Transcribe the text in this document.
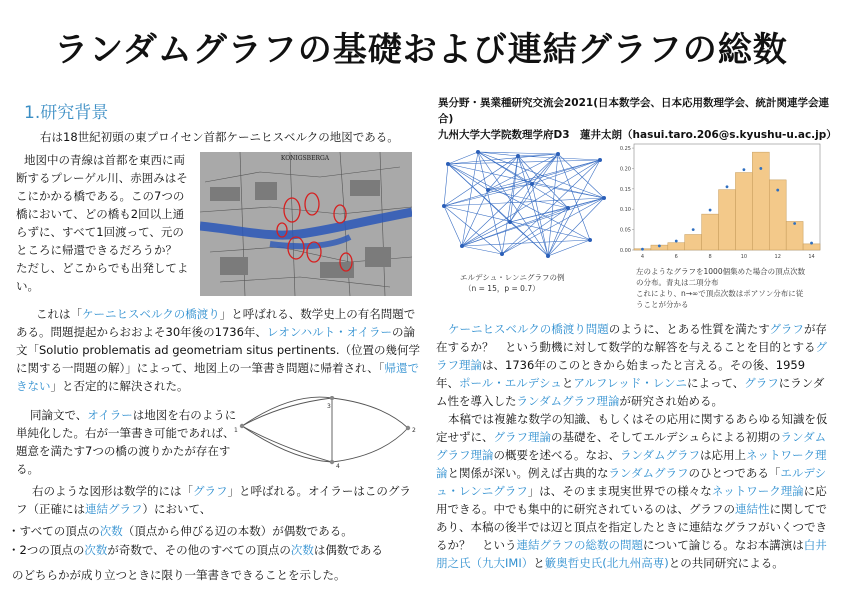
ランダムグラフの基礎および連結グラフの総数
1.研究背景
右は18世紀初頭の東プロイセン首都ケーニヒスベルクの地図である。
地図中の青線は首都を東西に両
断するプレーゲル川、赤囲みはそ
こにかかる橋である。この7つの
橋において、どの橋も2回以上通
らずに、すべて1回渡って、元の
ところに帰還できるだろうか？
ただし、どこからでも出発してよ
い。
KONIGSBERGA

これは「ケーニヒスベルクの橋渡り」と呼ばれる、数学史上の有名問題である。問題提起からおおよそ30年後の1736年、レオンハルト・オイラーの論文「Solutio problematis ad geometriam situs pertinents.（位置の幾何学に関する一問題の解）」によって、地図上の一筆書き問題に帰着され、「帰還できない」と否定的に解決された。

同論文で、オイラーは地図を右のように単純化した。右が一筆書き可能であれば、題意を満たす7つの橋の渡りかたが存在する。

1
3
2
4

右のような図形は数学的には「グラフ」と呼ばれる。オイラーはこのグラフ（正確には連結グラフ）において、

・すべての頂点の次数（頂点から伸びる辺の本数）が偶数である。

・2つの頂点の次数が奇数で、その他のすべての頂点の次数は偶数である

のどちらかが成り立つときに限り一筆書きできることを示した。

異分野・異業種研究交流会2021(日本数学会、日本応用数理学会、統計関連学会連合)
九州大学大学院数理学府D3　蓮井太朗（hasui.taro.206@s.kyushu-u.ac.jp）
エルデシュ・レンニグラフの例
（n = 15，p = 0.7）
0.00
0.05
0.10
0.15
0.20
0.25
4	6	8	10	12	14
左のようなグラフを1000個集めた場合の頂点次数
の分布。青丸は二項分布
これにより、n→∞で頂点次数はポアソン分布に従
うことが分かる

ケーニヒスベルクの橋渡り問題のように、とある性質を満たすグラフが存在するか？　という動機に対して数学的な解答を与えることを目的とするグラフ理論は、1736年のこのときから始まったと言える。その後、1959年、ポール・エルデシュとアルフレッド・レンニによって、グラフにランダム性を導入したランダムグラフ理論が研究され始める。

本稿では複雑な数学の知識、もしくはその応用に関するあらゆる知識を仮定せずに、グラフ理論の基礎を、そしてエルデシュらによる初期のランダムグラフ理論の概要を述べる。なお、ランダムグラフは応用上ネットワーク理論と関係が深い。例えば古典的なランダムグラフのひとつである「エルデシュ・レンニグラフ」は、そのまま現実世界での様々なネットワーク理論に応用できる。中でも集中的に研究されているのは、グラフの連結性に関してであり、本稿の後半では辺と頂点を指定したときに連結なグラフがいくつできるか？　という連結グラフの総数の問題について論じる。なお本講演は白井朋之氏（九大IMI）と籔奥哲史氏(北九州高専)との共同研究による。
